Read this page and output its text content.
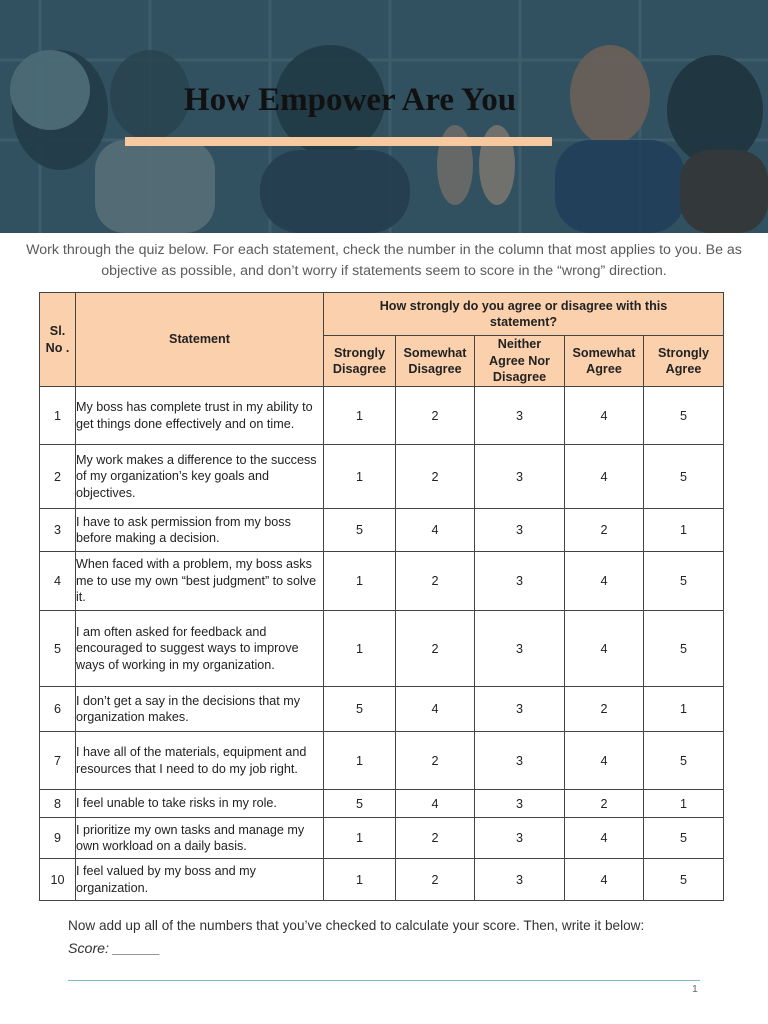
How Empower Are You
Work through the quiz below. For each statement, check the number in the column that most applies to you. Be as objective as possible, and don’t worry if statements seem to score in the “wrong” direction.
Sl. No .	Statement	How strongly do you agree or disagree with this statement?				
		Strongly Disagree	Somewhat Disagree	Neither Agree Nor Disagree	Somewhat Agree	Strongly Agree
1	My boss has complete trust in my ability to get things done effectively and on time.	1	2	3	4	5
2	My work makes a difference to the success of my organization’s key goals and objectives.	1	2	3	4	5
3	I have to ask permission from my boss before making a decision.	5	4	3	2	1
4	When faced with a problem, my boss asks me to use my own “best judgment” to solve it.	1	2	3	4	5
5	I am often asked for feedback and encouraged to suggest ways to improve ways of working in my organization.	1	2	3	4	5
6	I don’t get a say in the decisions that my organization makes.	5	4	3	2	1
7	I have all of the materials, equipment and resources that I need to do my job right.	1	2	3	4	5
8	I feel unable to take risks in my role.	5	4	3	2	1
9	I prioritize my own tasks and manage my own workload on a daily basis.	1	2	3	4	5
10	I feel valued by my boss and my organization.	1	2	3	4	5
Now add up all of the numbers that you’ve checked to calculate your score. Then, write it below:
Score: ______
1
